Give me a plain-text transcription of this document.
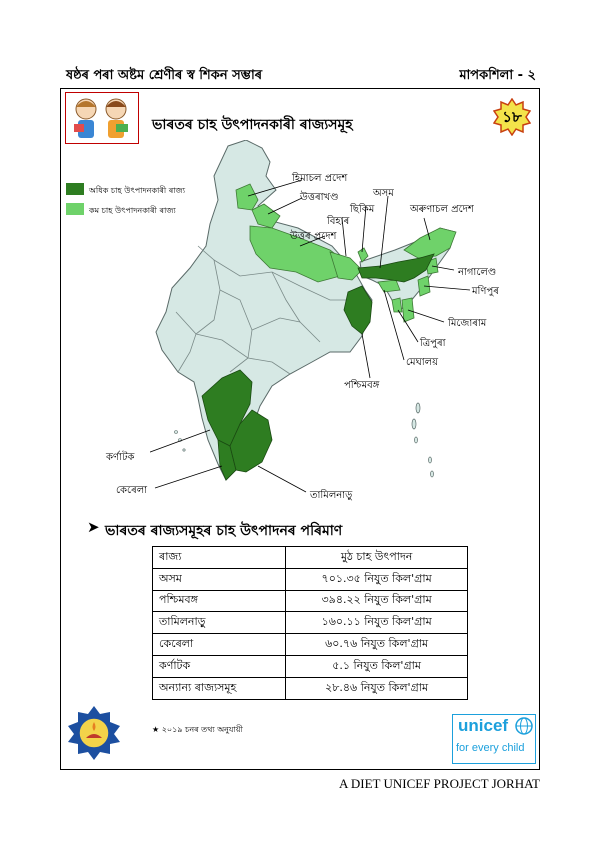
ষষ্ঠৰ পৰা অষ্টম শ্ৰেণীৰ স্ব শিকন সম্ভাৰ	মাপকশিলা - ২
ভাৰতৰ চাহ উৎপাদনকাৰী ৰাজ্যসমূহ	১৮
অধিক চাহ উৎপাদনকাৰী ৰাজ্য
কম চাহ উৎপাদনকাৰী ৰাজ্য
হিমাচল প্ৰদেশ
উত্তৰাখণ্ড	অসম
অৰুণাচল প্ৰদেশ
ছিকিম
বিহাৰ
উত্তৰ প্ৰদেশ
নাগালেণ্ড
মণিপুৰ
মিজোৰাম
ত্ৰিপুৰা
মেঘালয়
পশ্চিমবঙ্গ
কৰ্ণাটক
কেৰেলা	তামিলনাড়ু
➤ ভাৰতৰ ৰাজ্যসমূহৰ চাহ উৎপাদনৰ পৰিমাণ
ৰাজ্য	মুঠ চাহ উৎপাদন
অসম	৭০১.৩৫ নিযুত কিল'গ্ৰাম
পশ্চিমবঙ্গ	৩৯৪.২২ নিযুত কিল'গ্ৰাম
তামিলনাড়ু	১৬০.১১ নিযুত কিল'গ্ৰাম
কেৰেলা	৬০.৭৬ নিযুত কিল'গ্ৰাম
কৰ্ণাটক	৫.১ নিযুত কিল'গ্ৰাম
অন্যান্য ৰাজ্যসমূহ	২৮.৪৬ নিযুত কিল'গ্ৰাম
★ ২০১৯ চনৰ তথ্য অনুযায়ী	unicef
for every child
A DIET UNICEF PROJECT JORHAT
